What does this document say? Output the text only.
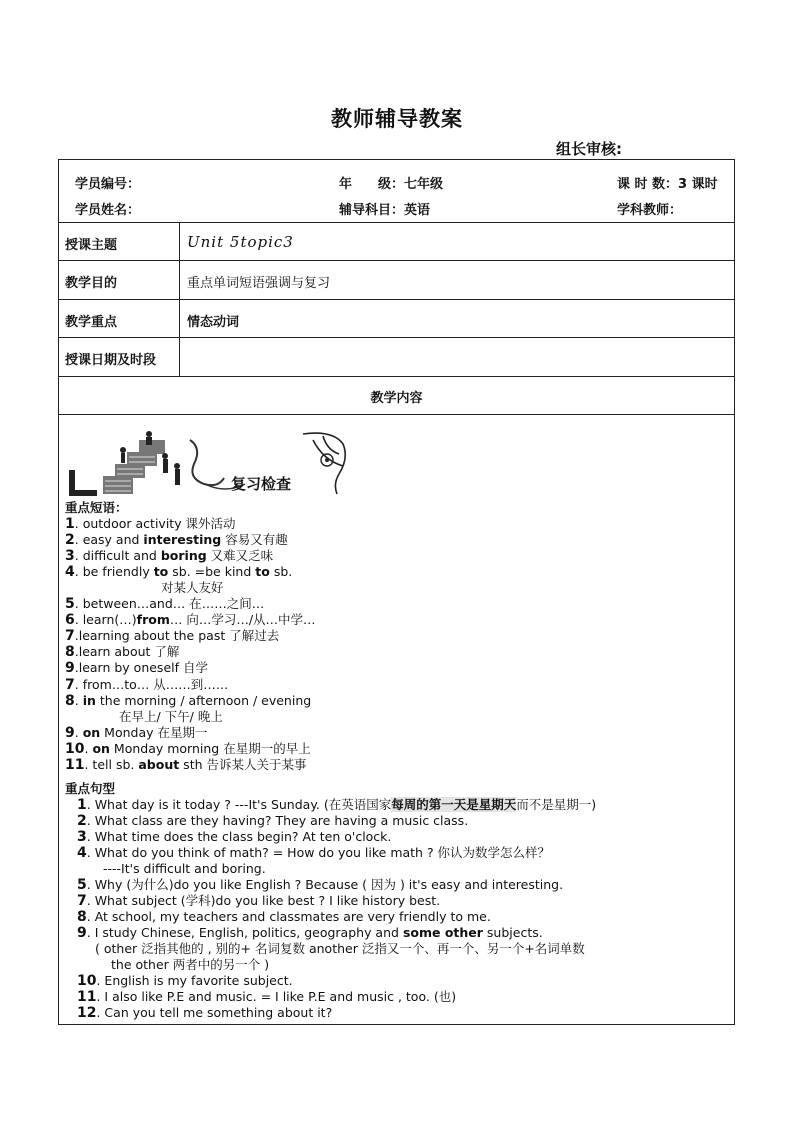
教师辅导教案
组长审核:
学员编号：	年　　级：七年级	课 时 数：3 课时
学员姓名：	辅导科目：英语	学科教师：
授课主题	Unit 5topic3
教学目的	重点单词短语强调与复习
教学重点	情态动词
授课日期及时段
教学内容
复习检查
重点短语：
1. outdoor activity 课外活动
2. easy and interesting 容易又有趣
3. difficult and boring 又难又乏味
4. be friendly to sb. =be kind to sb.
对某人友好
5. between…and… 在……之间…
6. learn(…)from… 向…学习…/从…中学…
7.learning about the past 了解过去
8.learn about 了解
9.learn by oneself 自学
7. from…to… 从……到……
8. in the morning / afternoon / evening
在早上/ 下午/ 晚上
9. on Monday 在星期一
10. on Monday morning 在星期一的早上
11. tell sb. about sth 告诉某人关于某事
重点句型
1. What day is it today ? ---It's Sunday. (在英语国家每周的第一天是星期天而不是星期一)
2. What class are they having? They are having a music class.
3. What time does the class begin? At ten o'clock.
4. What do you think of math? = How do you like math ? 你认为数学怎么样？
----It's difficult and boring.
5. Why (为什么)do you like English ? Because ( 因为 ) it's easy and interesting.
7. What subject (学科)do you like best ? I like history best.
8. At school, my teachers and classmates are very friendly to me.
9. I study Chinese, English, politics, geography and some other subjects.
( other 泛指其他的 , 别的+ 名词复数 another 泛指又一个、再一个、另一个+名词单数
the other 两者中的另一个 )
10. English is my favorite subject.
11. I also like P.E and music. = I like P.E and music , too. (也)
12. Can you tell me something about it?
